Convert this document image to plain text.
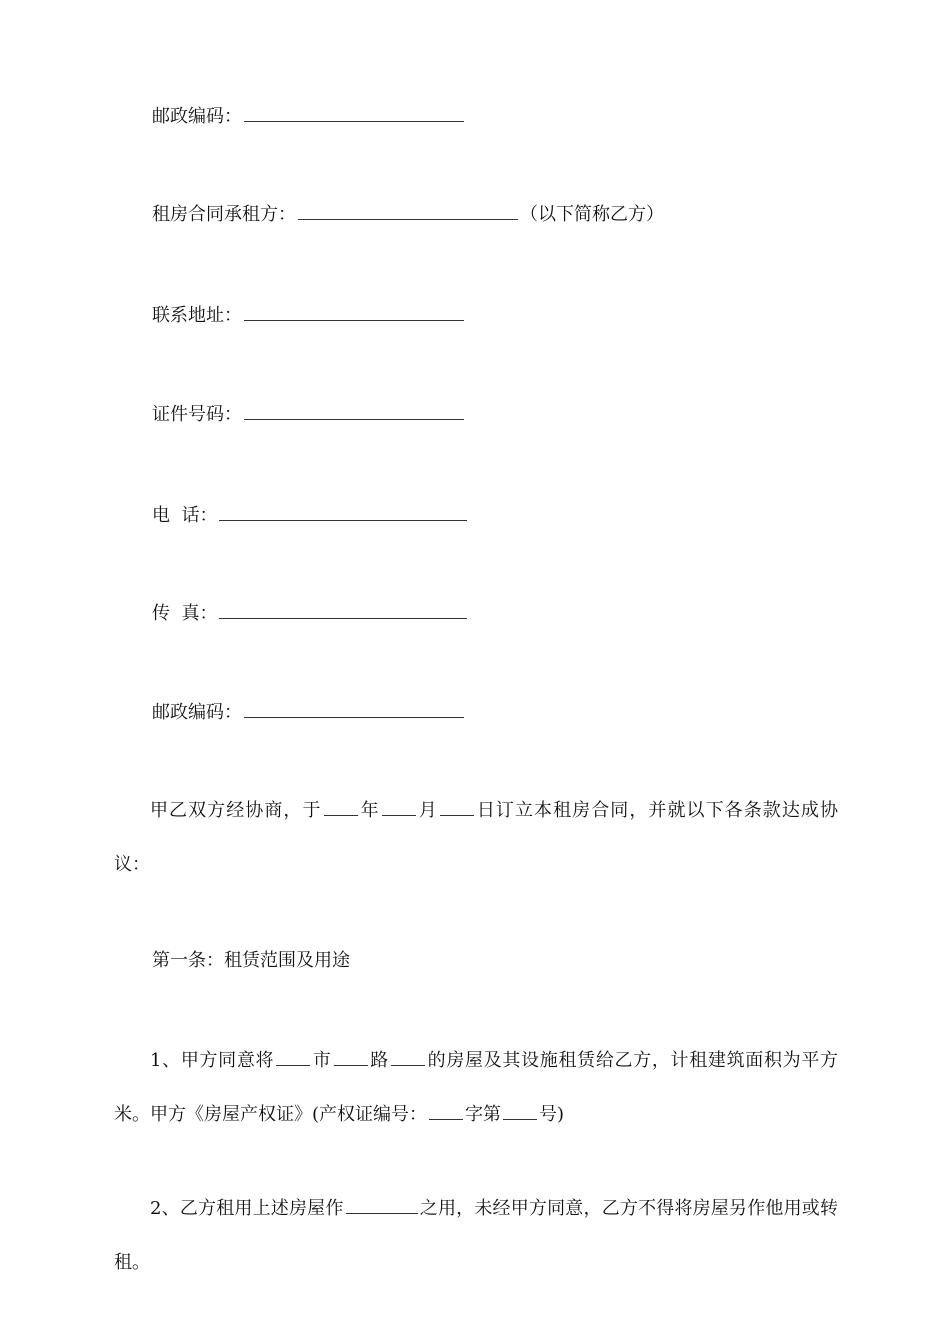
邮政编码：
租房合同承租方：	（以下简称乙方）
联系地址：
证件号码：
电  话：
传  真：
邮政编码：
甲乙双方经协商，于 年 月 日订立本租房合同，并就以下各条款达成协议：
第一条：租赁范围及用途
1、甲方同意将 市 路 的房屋及其设施租赁给乙方，计租建筑面积为平方米。甲方《房屋产权证》(产权证编号： 字第 号)
2、乙方租用上述房屋作	之用，未经甲方同意，乙方不得将房屋另作他用或转租。
